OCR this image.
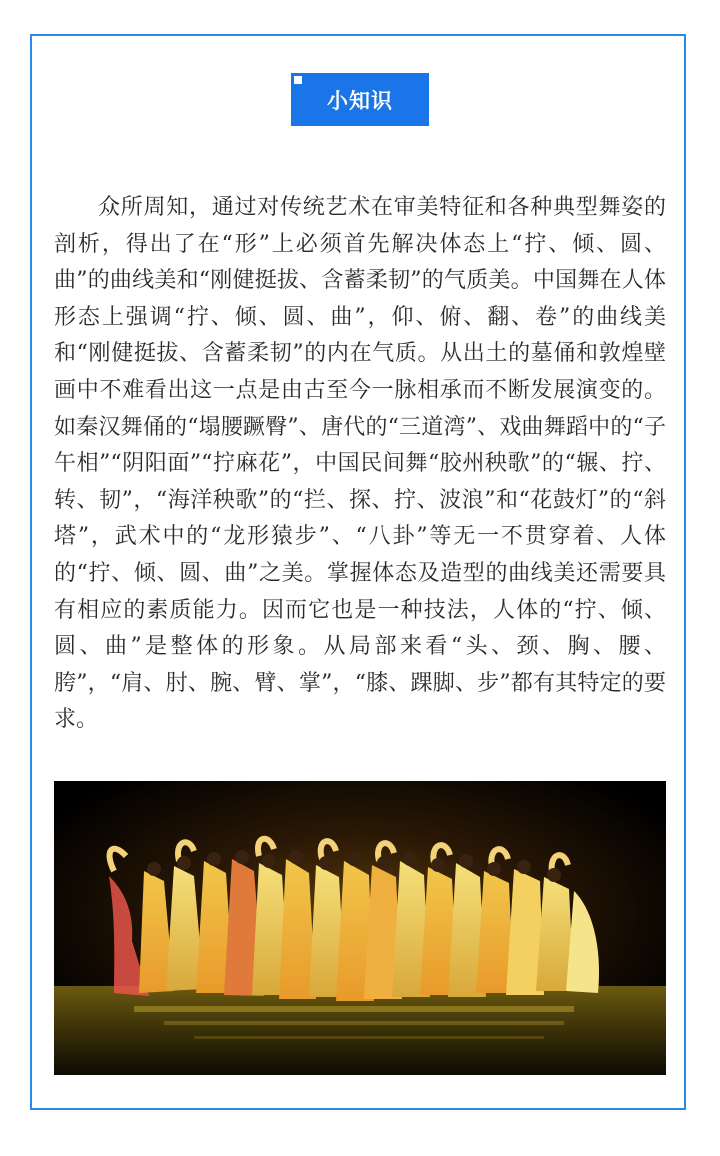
小知识

众所周知，通过对传统艺术在审美特征和各种典型舞姿的剖析，得出了在“形”上必须首先解决体态上“拧、倾、圆、曲”的曲线美和“刚健挺拔、含蓄柔韧”的气质美。中国舞在人体形态上强调“拧、倾、圆、曲”，仰、俯、翻、卷”的曲线美和“刚健挺拔、含蓄柔韧”的内在气质。从出土的墓俑和敦煌壁画中不难看出这一点是由古至今一脉相承而不断发展演变的。如秦汉舞俑的“塌腰蹶臀”、唐代的“三道湾”、戏曲舞蹈中的“子午相”“阴阳面”“拧麻花”，中国民间舞“胶州秧歌”的“辗、拧、转、韧”，“海洋秧歌”的“拦、探、拧、波浪”和“花鼓灯”的“斜塔”，武术中的“龙形猿步”、“八卦”等无一不贯穿着、人体的“拧、倾、圆、曲”之美。掌握体态及造型的曲线美还需要具有相应的素质能力。因而它也是一种技法，人体的“拧、倾、圆、曲”是整体的形象。从局部来看“头、颈、胸、腰、胯”，“肩、肘、腕、臂、掌”，“膝、踝脚、步”都有其特定的要求。
